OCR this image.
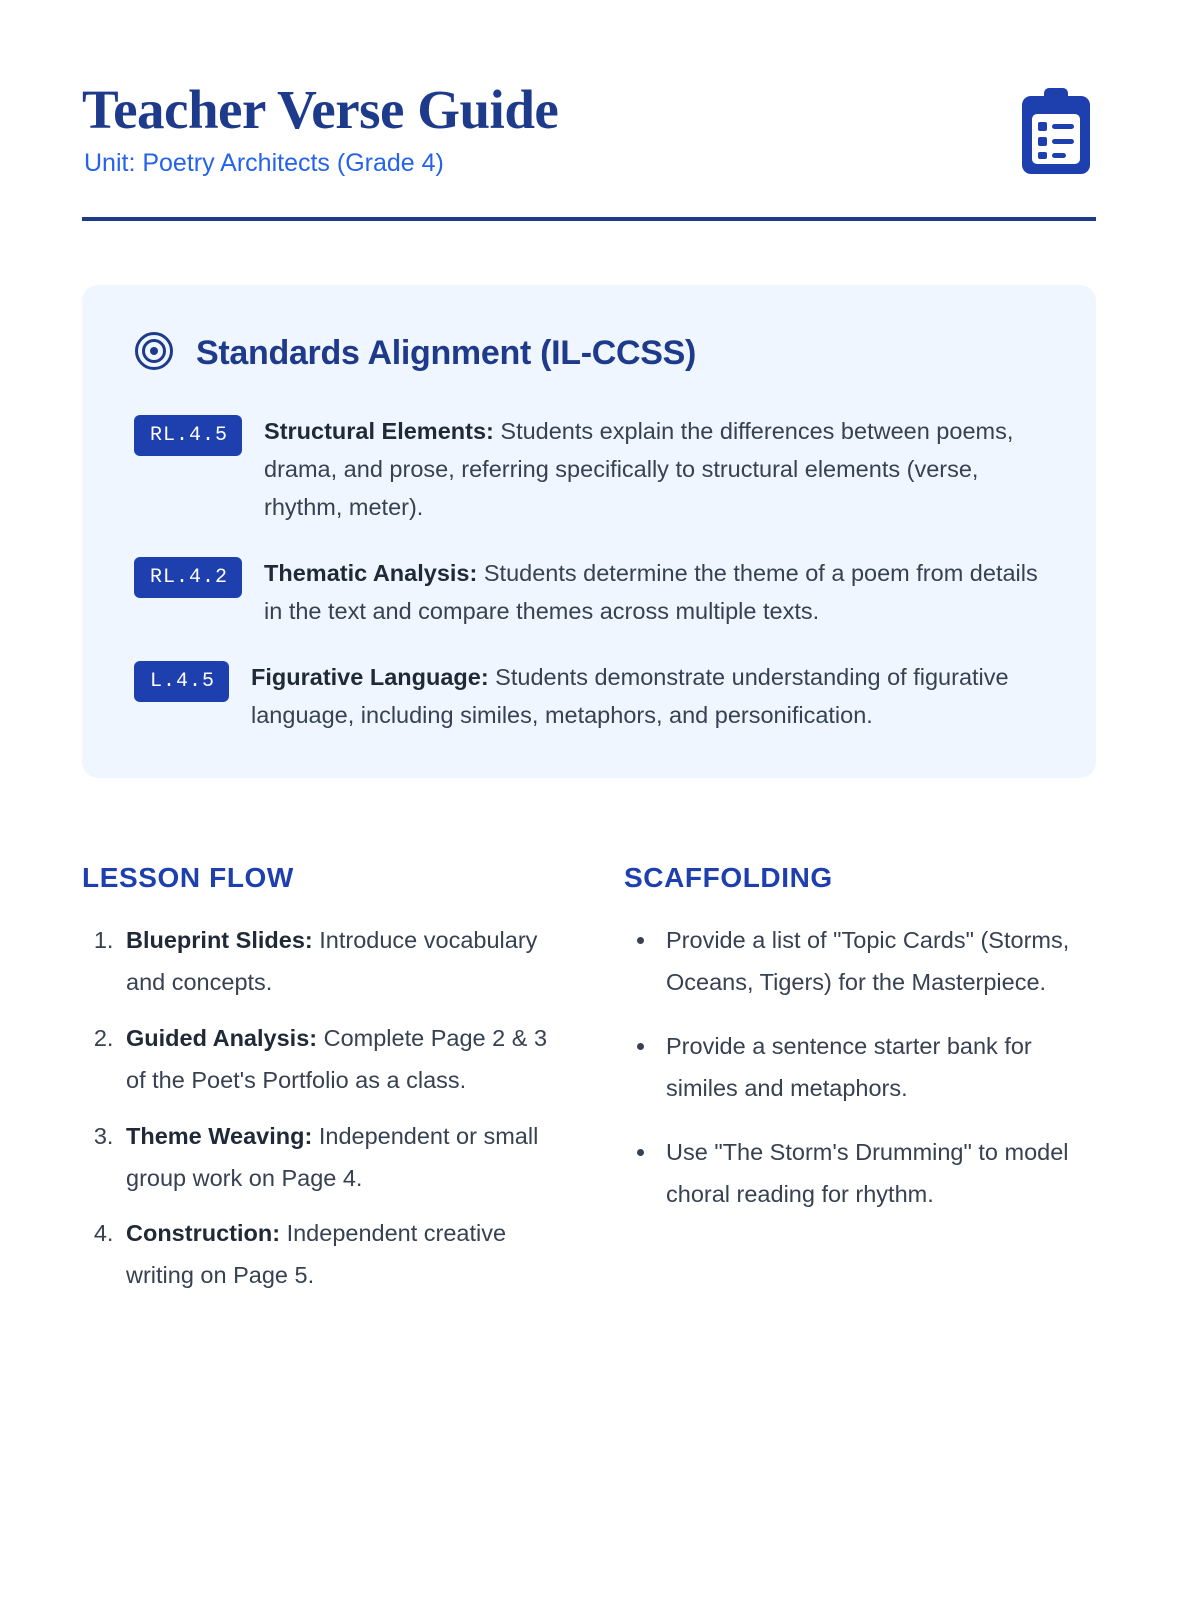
Teacher Verse Guide
Unit: Poetry Architects (Grade 4)
Standards Alignment (IL-CCSS)
RL.4.5	Structural Elements: Students explain the differences between poems, drama, and prose, referring specifically to structural elements (verse, rhythm, meter).
RL.4.2	Thematic Analysis: Students determine the theme of a poem from details in the text and compare themes across multiple texts.
L.4.5	Figurative Language: Students demonstrate understanding of figurative language, including similes, metaphors, and personification.
LESSON FLOW
1. Blueprint Slides: Introduce vocabulary and concepts.
2. Guided Analysis: Complete Page 2 & 3 of the Poet's Portfolio as a class.
3. Theme Weaving: Independent or small group work on Page 4.
4. Construction: Independent creative writing on Page 5.
SCAFFOLDING
• Provide a list of "Topic Cards" (Storms, Oceans, Tigers) for the Masterpiece.
• Provide a sentence starter bank for similes and metaphors.
• Use "The Storm's Drumming" to model choral reading for rhythm.
